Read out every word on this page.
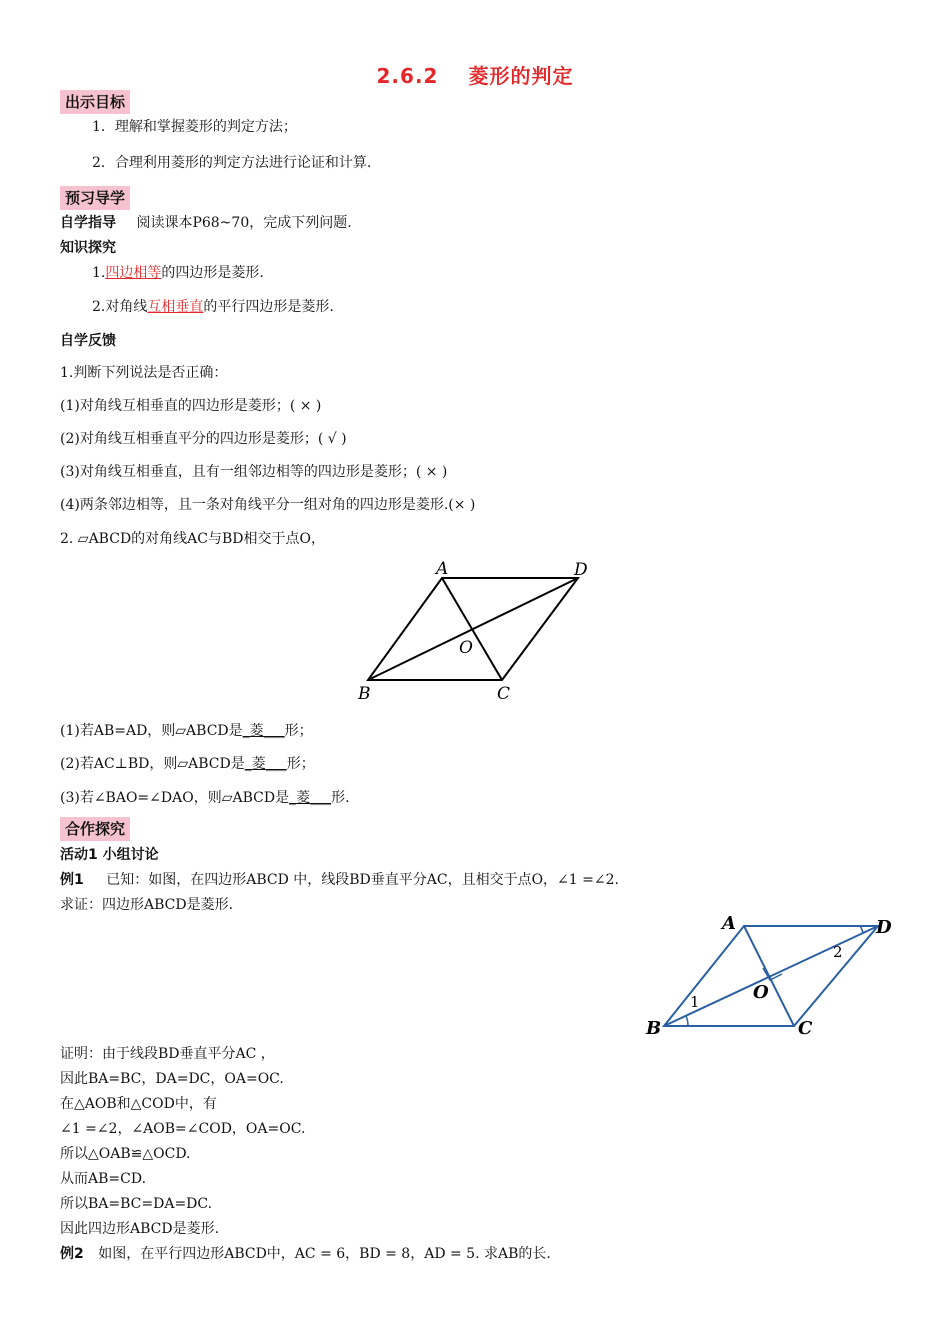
2.6.2 菱形的判定
出示目标
1．理解和掌握菱形的判定方法；
2．合理利用菱形的判定方法进行论证和计算.
预习导学
自学指导 阅读课本P68~70，完成下列问题.
知识探究
1.四边相等的四边形是菱形.
2.对角线互相垂直的平行四边形是菱形.
自学反馈
1.判断下列说法是否正确：
(1)对角线互相垂直的四边形是菱形；( × )
(2)对角线互相垂直平分的四边形是菱形；( √ )
(3)对角线互相垂直，且有一组邻边相等的四边形是菱形；( × )
(4)两条邻边相等，且一条对角线平分一组对角的四边形是菱形.(× )
2. ▱ABCD的对角线AC与BD相交于点O，
A	D
O
B	C
(1)若AB=AD，则▱ABCD是_菱___形；
(2)若AC⊥BD，则▱ABCD是_菱___形；
(3)若∠BAO=∠DAO，则▱ABCD是_菱___形.
合作探究
活动1 小组讨论
例1 已知：如图，在四边形ABCD 中，线段BD垂直平分AC，且相交于点O，∠1 =∠2.
求证：四边形ABCD是菱形.
A	D
O
B	C
1
2
证明：由于线段BD垂直平分AC ，
因此BA=BC，DA=DC，OA=OC.
在△AOB和△COD中，有
∠1 =∠2，∠AOB=∠COD，OA=OC.
所以△OAB≌△OCD.
从而AB=CD.
所以BA=BC=DA=DC.
因此四边形ABCD是菱形.
例2 如图，在平行四边形ABCD中，AC = 6，BD = 8，AD = 5. 求AB的长.
